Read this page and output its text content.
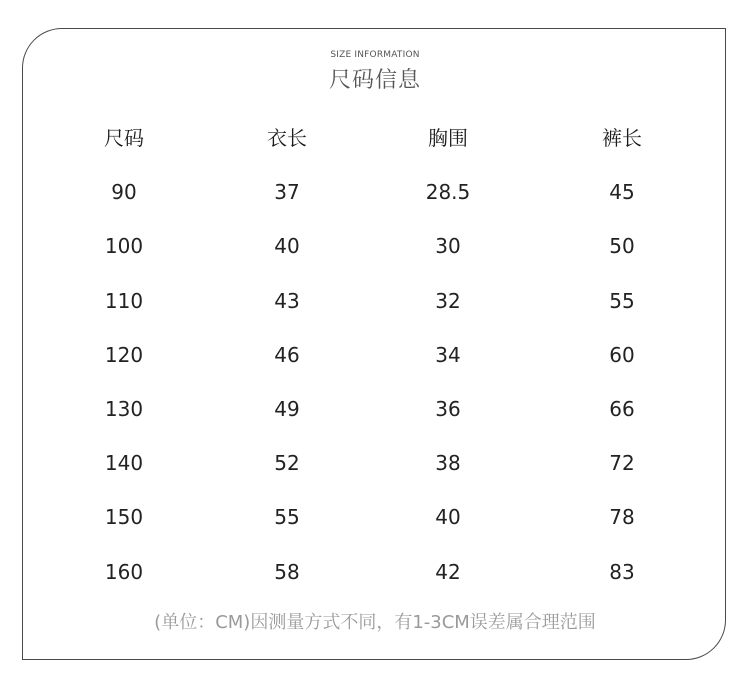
SIZE INFORMATION
尺码信息
尺码	衣长	胸围	裤长
90	37	28.5	45
100	40	30	50
110	43	32	55
120	46	34	60
130	49	36	66
140	52	38	72
150	55	40	78
160	58	42	83
(单位：CM)因测量方式不同，有1-3CM误差属合理范围
